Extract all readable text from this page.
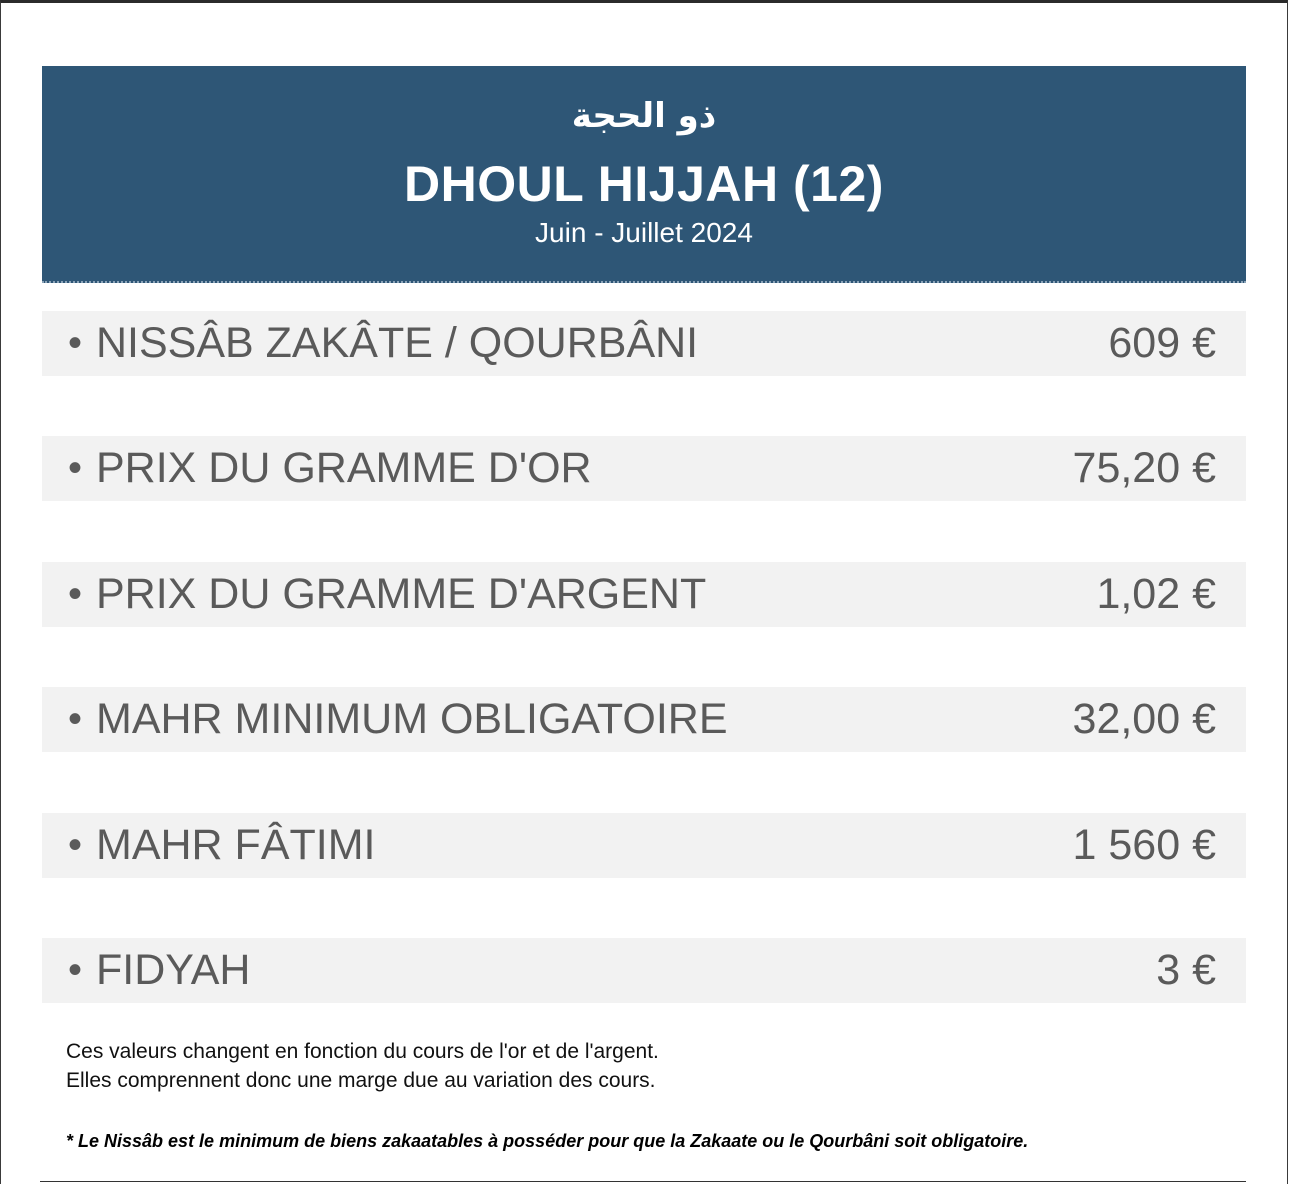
ذو الحجة
DHOUL HIJJAH (12)
Juin - Juillet 2024
• NISSÂB ZAKÂTE / QOURBÂNI	609 €
• PRIX DU GRAMME D'OR	75,20 €
• PRIX DU GRAMME D'ARGENT	1,02 €
• MAHR MINIMUM OBLIGATOIRE	32,00 €
• MAHR FÂTIMI	1 560 €
• FIDYAH	3 €
Ces valeurs changent en fonction du cours de l'or et de l'argent.
Elles comprennent donc une marge due au variation des cours.
* Le Nissâb est le minimum de biens zakaatables à posséder pour que la Zakaate ou le Qourbâni soit obligatoire.
